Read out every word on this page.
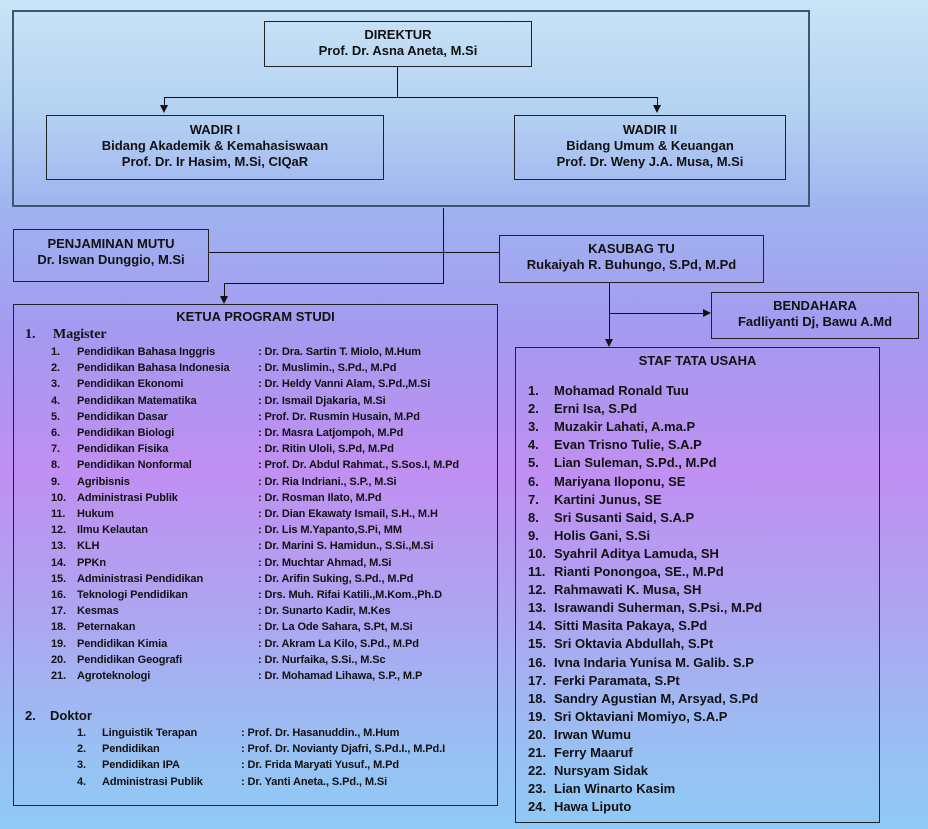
DIREKTUR
Prof. Dr. Asna Aneta, M.Si
WADIR I
Bidang Akademik & Kemahasiswaan
Prof. Dr. Ir Hasim, M.Si, CIQaR
WADIR II
Bidang Umum & Keuangan
Prof. Dr. Weny J.A. Musa, M.Si
PENJAMINAN MUTU
Dr. Iswan Dunggio, M.Si
KASUBAG TU
Rukaiyah R. Buhungo, S.Pd, M.Pd
BENDAHARA
Fadliyanti Dj, Bawu A.Md
KETUA PROGRAM STUDI
1. Magister
1. Pendidikan Bahasa Inggris	: Dr. Dra. Sartin T. Miolo, M.Hum
2. Pendidikan Bahasa Indonesia	: Dr. Muslimin., S.Pd., M.Pd
3. Pendidikan Ekonomi	: Dr. Heldy Vanni Alam, S.Pd.,M.Si
4. Pendidikan Matematika	: Dr. Ismail Djakaria, M.Si
5. Pendidikan Dasar	: Prof. Dr. Rusmin Husain, M.Pd
6. Pendidikan Biologi	: Dr. Masra Latjompoh, M.Pd
7. Pendidikan Fisika	: Dr. Ritin Uloli, S.Pd, M.Pd
8. Pendidikan Nonformal	: Prof. Dr. Abdul Rahmat., S.Sos.I, M.Pd
9. Agribisnis	: Dr. Ria Indriani., S.P., M.Si
10. Administrasi Publik	: Dr. Rosman Ilato, M.Pd
11. Hukum	: Dr. Dian Ekawaty Ismail, S.H., M.H
12. Ilmu Kelautan	: Dr. Lis M.Yapanto,S.Pi, MM
13. KLH	: Dr. Marini S. Hamidun., S.Si.,M.Si
14. PPKn	: Dr. Muchtar Ahmad, M.Si
15. Administrasi Pendidikan	: Dr. Arifin Suking, S.Pd., M.Pd
16. Teknologi Pendidikan	: Drs. Muh. Rifai Katili.,M.Kom.,Ph.D
17. Kesmas	: Dr. Sunarto Kadir, M.Kes
18. Peternakan	: Dr. La Ode Sahara, S.Pt, M.Si
19. Pendidikan Kimia	: Dr. Akram La Kilo, S.Pd., M.Pd
20. Pendidikan Geografi	: Dr. Nurfaika, S.Si., M.Sc
21. Agroteknologi	: Dr. Mohamad Lihawa, S.P., M.P
2. Doktor
1. Linguistik Terapan	: Prof. Dr. Hasanuddin., M.Hum
2. Pendidikan	: Prof. Dr. Novianty Djafri, S.Pd.I., M.Pd.I
3. Pendidikan IPA	: Dr. Frida Maryati Yusuf., M.Pd
4. Administrasi Publik	: Dr. Yanti Aneta., S.Pd., M.Si
STAF TATA USAHA
1. Mohamad Ronald Tuu
2. Erni Isa, S.Pd
3. Muzakir Lahati, A.ma.P
4. Evan Trisno Tulie, S.A.P
5. Lian Suleman, S.Pd., M.Pd
6. Mariyana Iloponu, SE
7. Kartini Junus, SE
8. Sri Susanti Said, S.A.P
9. Holis Gani, S.Si
10. Syahril Aditya Lamuda, SH
11. Rianti Ponongoa, SE., M.Pd
12. Rahmawati K. Musa, SH
13. Israwandi Suherman, S.Psi., M.Pd
14. Sitti Masita Pakaya, S.Pd
15. Sri Oktavia Abdullah, S.Pt
16. Ivna Indaria Yunisa M. Galib. S.P
17. Ferki Paramata, S.Pt
18. Sandry Agustian M, Arsyad, S.Pd
19. Sri Oktaviani Momiyo, S.A.P
20. Irwan Wumu
21. Ferry Maaruf
22. Nursyam Sidak
23. Lian Winarto Kasim
24. Hawa Liputo
